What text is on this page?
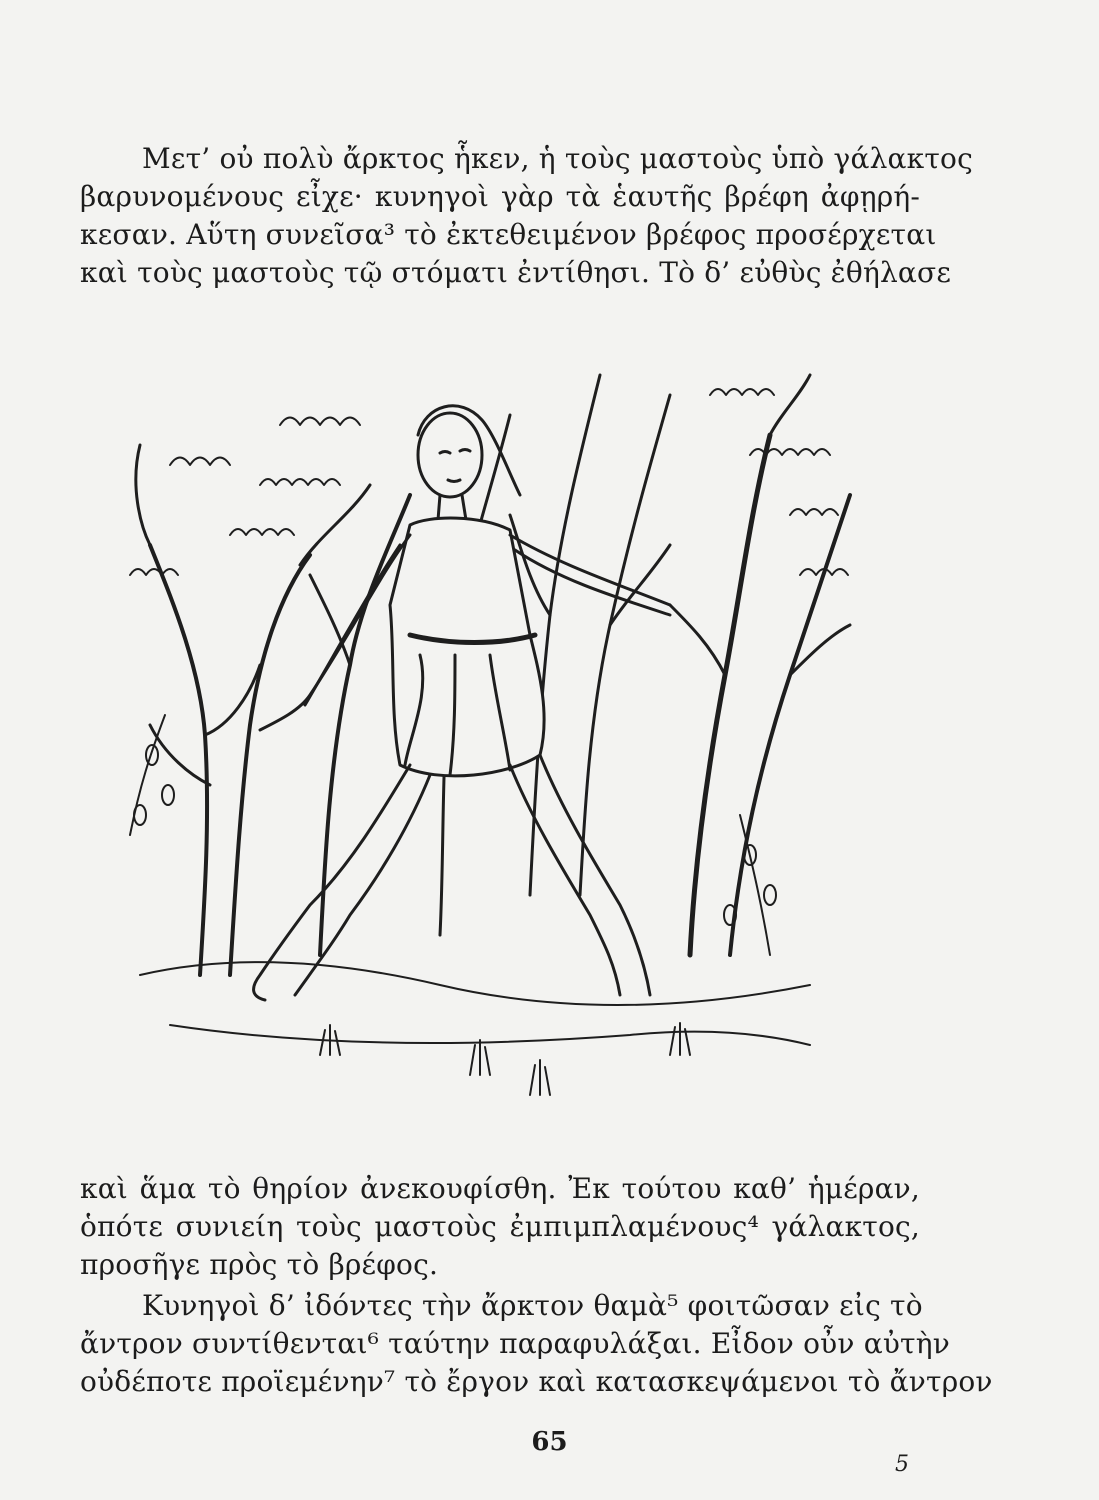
Μετ’ οὐ πολὺ ἄρκτος ἧκεν, ἡ τοὺς μαστοὺς ὑπὸ γάλακτος
βαρυνομένους εἶχε· κυνηγοὶ γὰρ τὰ ἑαυτῆς βρέφη ἀφῃρή-
κεσαν. Αὕτη συνεῖσα³ τὸ ἐκτεθειμένον βρέφος προσέρχεται
καὶ τοὺς μαστοὺς τῷ στόματι ἐντίθησι. Τὸ δ’ εὐθὺς ἐθήλασε
καὶ ἅμα τὸ θηρίον ἀνεκουφίσθη. Ἐκ τούτου καθ’ ἡμέραν,
ὁπότε συνιείη τοὺς μαστοὺς ἐμπιμπλαμένους⁴ γάλακτος,
προσῆγε πρὸς τὸ βρέφος.
Κυνηγοὶ δ’ ἰδόντες τὴν ἄρκτον θαμὰ⁵ φοιτῶσαν εἰς τὸ
ἄντρον συντίθενται⁶ ταύτην παραφυλάξαι. Εἶδον οὖν αὐτὴν
οὐδέποτε προϊεμένην⁷ τὸ ἔργον καὶ κατασκεψάμενοι τὸ ἄντρον
65
5
